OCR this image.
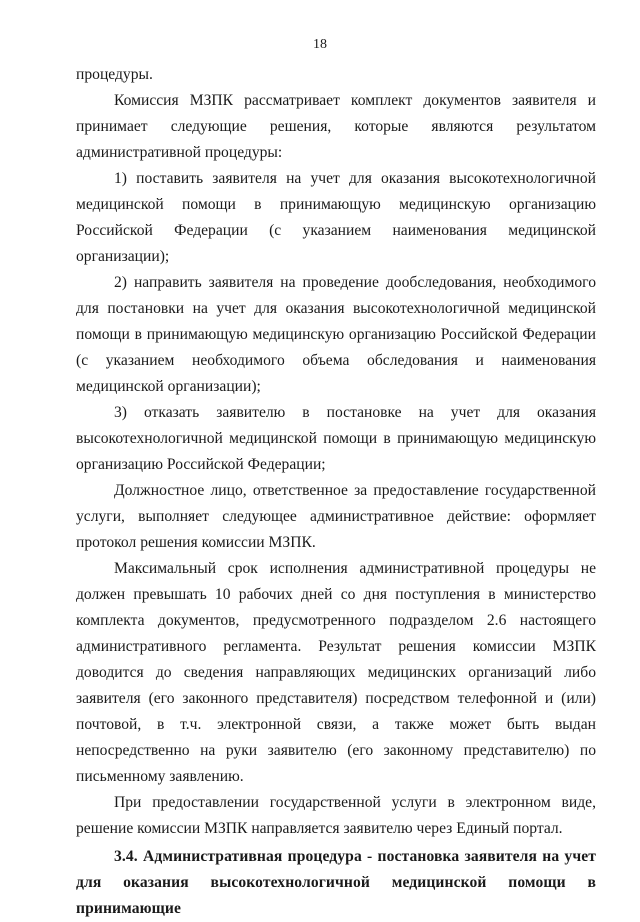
18

процедуры.

Комиссия МЗПК рассматривает комплект документов заявителя и принимает следующие решения, которые являются результатом административной процедуры:

1) поставить заявителя на учет для оказания высокотехнологичной медицинской помощи в принимающую медицинскую организацию Российской Федерации (с указанием наименования медицинской организации);

2) направить заявителя на проведение дообследования, необходимого для постановки на учет для оказания высокотехнологичной медицинской помощи в принимающую медицинскую организацию Российской Федерации (с указанием необходимого объема обследования и наименования медицинской организации);

3) отказать заявителю в постановке на учет для оказания высокотехнологичной медицинской помощи в принимающую медицинскую организацию Российской Федерации;

Должностное лицо, ответственное за предоставление государственной услуги, выполняет следующее административное действие: оформляет протокол решения комиссии МЗПК.

Максимальный срок исполнения административной процедуры не должен превышать 10 рабочих дней со дня поступления в министерство комплекта документов, предусмотренного подразделом 2.6 настоящего административного регламента. Результат решения комиссии МЗПК доводится до сведения направляющих медицинских организаций либо заявителя (его законного представителя) посредством телефонной и (или) почтовой, в т.ч. электронной связи, а также может быть выдан непосредственно на руки заявителю (его законному представителю) по письменному заявлению.

При предоставлении государственной услуги в электронном виде, решение комиссии МЗПК направляется заявителю через Единый портал.

3.4. Административная процедура - постановка заявителя на учет для оказания высокотехнологичной медицинской помощи в принимающие
